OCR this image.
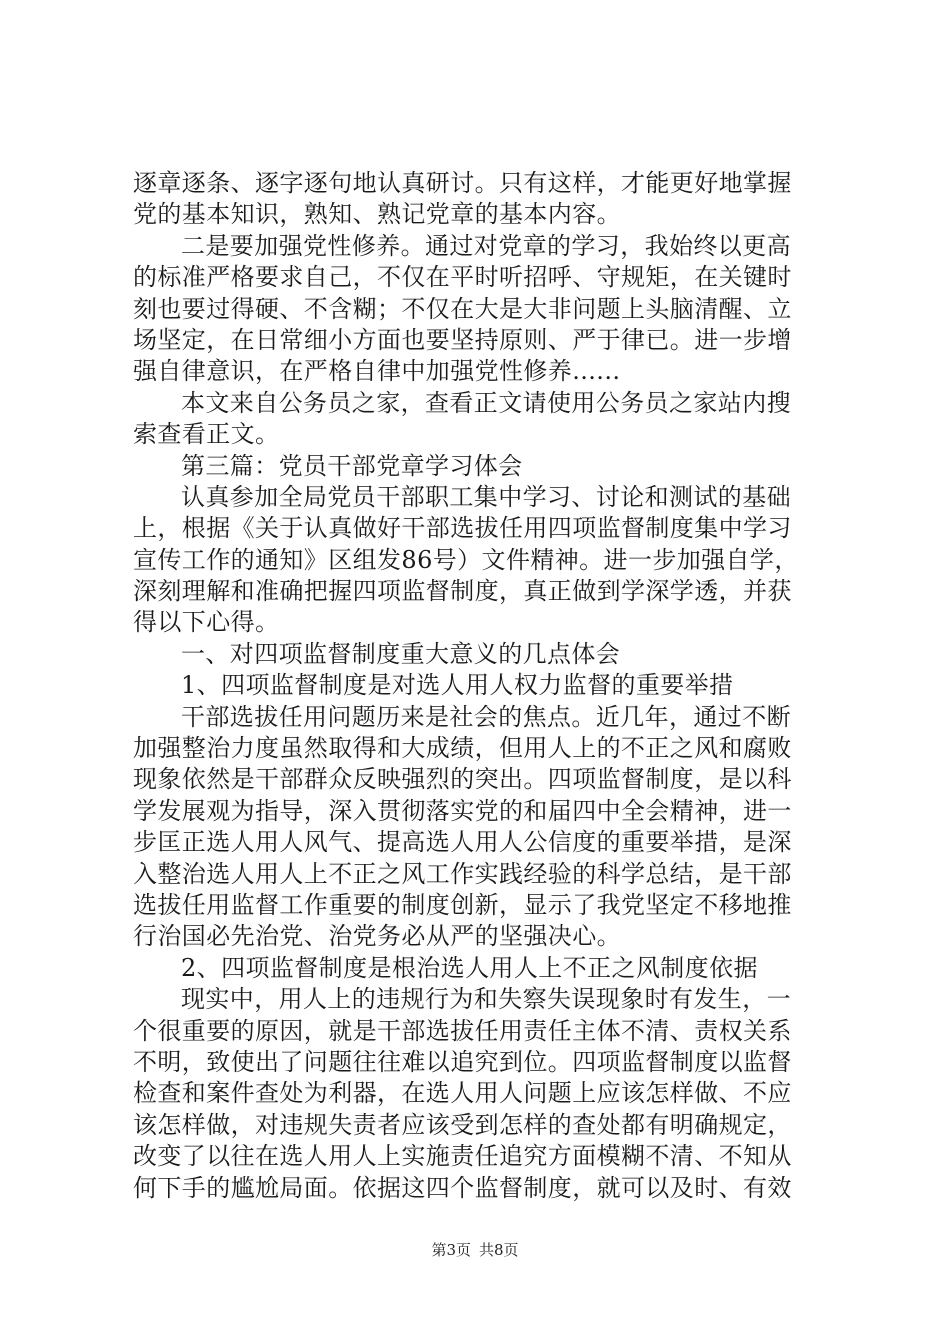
逐章逐条、逐字逐句地认真研讨。只有这样，才能更好地掌握
党的基本知识，熟知、熟记党章的基本内容。
二是要加强党性修养。通过对党章的学习，我始终以更高
的标准严格要求自己，不仅在平时听招呼、守规矩，在关键时
刻也要过得硬、不含糊；不仅在大是大非问题上头脑清醒、立
场坚定，在日常细小方面也要坚持原则、严于律已。进一步增
强自律意识，在严格自律中加强党性修养......
本文来自公务员之家，查看正文请使用公务员之家站内搜
索查看正文。
第三篇：党员干部党章学习体会
认真参加全局党员干部职工集中学习、讨论和测试的基础
上，根据《关于认真做好干部选拔任用四项监督制度集中学习
宣传工作的通知》区组发86号）文件精神。进一步加强自学，
深刻理解和准确把握四项监督制度，真正做到学深学透，并获
得以下心得。
一、对四项监督制度重大意义的几点体会
1、四项监督制度是对选人用人权力监督的重要举措
干部选拔任用问题历来是社会的焦点。近几年，通过不断
加强整治力度虽然取得和大成绩，但用人上的不正之风和腐败
现象依然是干部群众反映强烈的突出。四项监督制度，是以科
学发展观为指导，深入贯彻落实党的和届四中全会精神，进一
步匡正选人用人风气、提高选人用人公信度的重要举措，是深
入整治选人用人上不正之风工作实践经验的科学总结，是干部
选拔任用监督工作重要的制度创新，显示了我党坚定不移地推
行治国必先治党、治党务必从严的坚强决心。
2、四项监督制度是根治选人用人上不正之风制度依据
现实中，用人上的违规行为和失察失误现象时有发生，一
个很重要的原因，就是干部选拔任用责任主体不清、责权关系
不明，致使出了问题往往难以追究到位。四项监督制度以监督
检查和案件查处为利器，在选人用人问题上应该怎样做、不应
该怎样做，对违规失责者应该受到怎样的查处都有明确规定，
改变了以往在选人用人上实施责任追究方面模糊不清、不知从
何下手的尴尬局面。依据这四个监督制度，就可以及时、有效
第3页 共8页
